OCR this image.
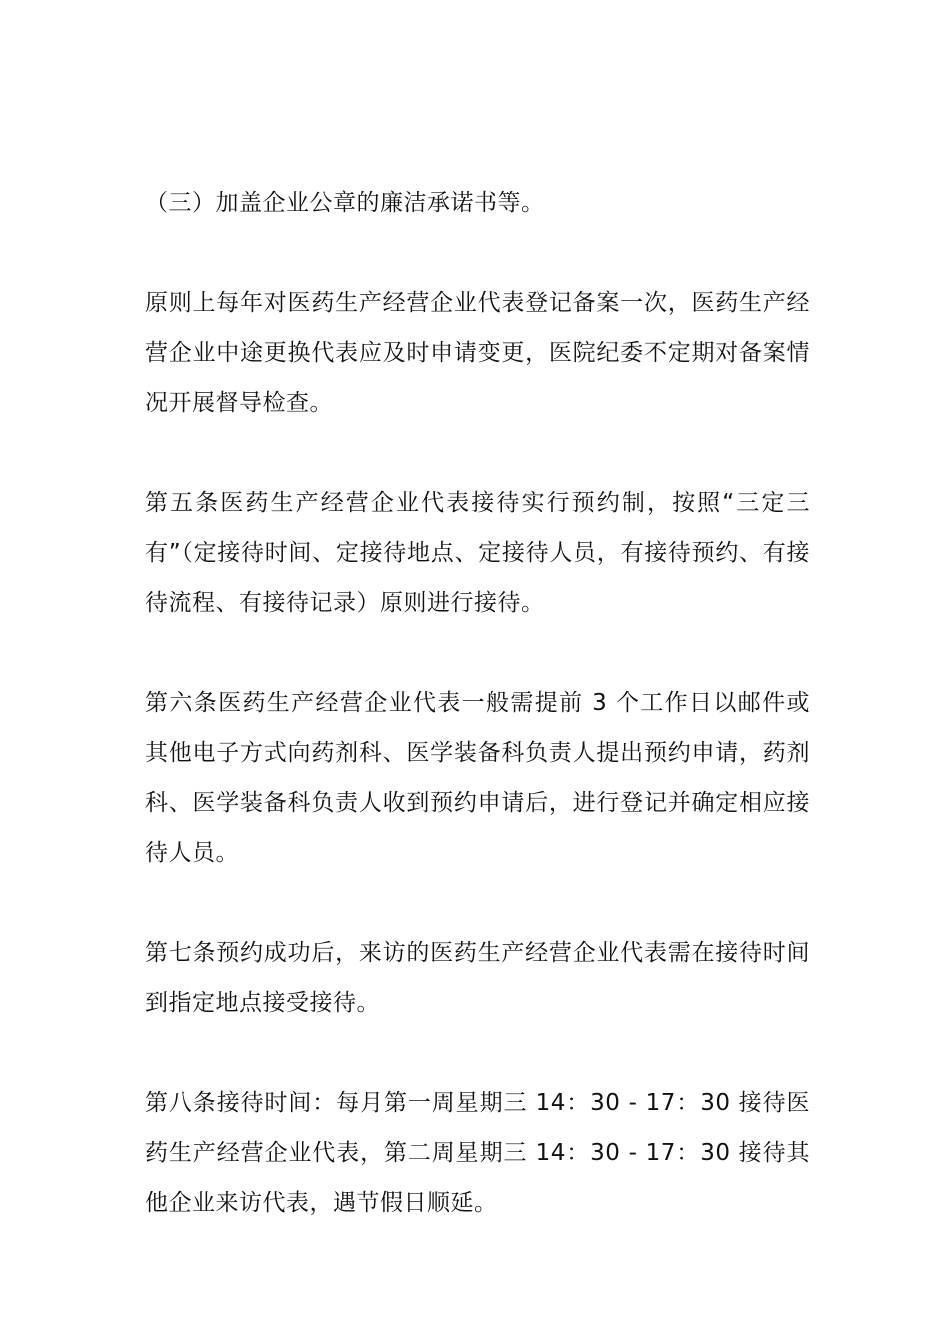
（三）加盖企业公章的廉洁承诺书等。

原则上每年对医药生产经营企业代表登记备案一次，医药生产经营企业中途更换代表应及时申请变更，医院纪委不定期对备案情况开展督导检查。

第五条医药生产经营企业代表接待实行预约制，按照“三定三有”（定接待时间、定接待地点、定接待人员，有接待预约、有接待流程、有接待记录）原则进行接待。

第六条医药生产经营企业代表一般需提前 3 个工作日以邮件或其他电子方式向药剂科、医学装备科负责人提出预约申请，药剂科、医学装备科负责人收到预约申请后，进行登记并确定相应接待人员。

第七条预约成功后，来访的医药生产经营企业代表需在接待时间到指定地点接受接待。

第八条接待时间：每月第一周星期三 14：30 - 17：30 接待医药生产经营企业代表，第二周星期三 14：30 - 17：30 接待其他企业来访代表，遇节假日顺延。
